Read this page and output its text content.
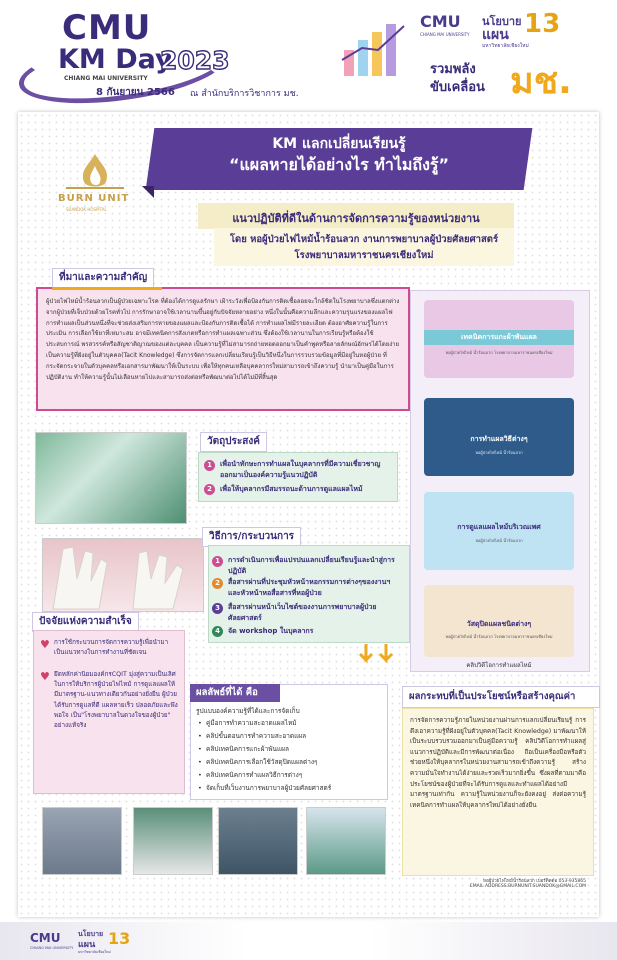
CMU
KM Day
2023
CHIANG MAI UNIVERSITY
8 กันยายน 2566 ณ สำนักบริการวิชาการ มช.
CMU
CHIANG MAI UNIVERSITY
นโยบาย
แผน 13
มหาวิทยาลัยเชียงใหม่
รวมพลัง
ขับเคลื่อน มช.
BURN UNIT
SUANDOK HOSPITAL
KM แลกเปลี่ยนเรียนรู้
“แผลหายได้อย่างไร ทำไมถึงรู้”
แนวปฏิบัติที่ดีในด้านการจัดการความรู้ของหน่วยงาน
โดย หอผู้ป่วยไฟไหม้น้ำร้อนลวก งานการพยาบาลผู้ป่วยศัลยศาสตร์
โรงพยาบาลมหาราชนครเชียงใหม่
ที่มาและความสำคัญ
ผู้ป่วยไฟไหม้น้ำร้อนลวกเป็นผู้ป่วยเฉพาะโรค ที่ต้องได้การดูแลรักษา เฝ้าระวังเพื่อป้องกันการติดเชื้อลอยจะใกล้ชิดในโรงพยาบาลซึ่งแตกต่างจากผู้ป่วยที่เจ็บป่วยด้วยโรคทั่วไป การรักษาอาจใช้เวลานานขึ้นอยู่กับปัจจัยหลายอย่าง หนึ่งในนั้นคือความลึกและความรุนแรงของแผลไฟ การทำแผลเป็นส่วนหนึ่งที่จะช่วยส่งเสริมการหายของแผลและป้องกันการติดเชื้อได้ การทำแผลไฟมีรายละเอียด ต้องอาศัยความรู้ในการประเมิน การเลือกใช้ยาที่เหมาะสม อาจมีเทคนิคการสังเกตหรือการทำแผลเฉพาะส่วน ซึ่งต้องใช้เวลานานในการเรียนรู้หรือต้องใช้ประสบการณ์ พรสวรรค์หรือสัญชาติญาณของแต่ละบุคคล เป็นความรู้ที่ไม่สามารถถ่ายทอดออกมาเป็นคำพูดหรือลายลักษณ์อักษรได้โดยง่าย เป็นความรู้ที่ฝังอยู่ในตัวบุคคล(Tacit Knowledge) ซึ่งการจัดการแลกเปลี่ยนเรียนรู้เป็นวิธีหนึ่งในการรวบรวมข้อมูลที่มีอยู่ในหอผู้ป่วย ที่กระจัดกระจายในตัวบุคคลหรือเอกสารมาพัฒนาให้เป็นระบบ เพื่อให้ทุกคนเหลือบุคคลากรใหม่สามารถเข้าถึงความรู้ นำมาเป็นคู่มือในการปฏิบัติงาน ทำให้ความรู้นั้นไม่เลือนหายไปและสามารถส่งต่อหรือพัฒนาต่อไปได้ไม่มีที่สิ้นสุด
เทคนิคการแกะผ้าพันแผล
หอผู้ป่วยไฟไหม้ น้ำร้อนลวก โรงพยาบาลมหาราชนครเชียงใหม่
การทำแผลวิธีต่างๆ
หอผู้ป่วยไฟไหม้ น้ำร้อนลวก
การดูแลแผลไหม้บริเวณเพศ
หอผู้ป่วยไฟไหม้ น้ำร้อนลวก
วัสดุปิดแผลชนิดต่างๆ
หอผู้ป่วยไฟไหม้ น้ำร้อนลวก โรงพยาบาลมหาราชนครเชียงใหม่
คลิปวิดีโอการทำแผลไหม้
วัตถุประสงค์
1	เพื่อนำทักษะการทำแผลในบุคลากรที่มีความเชี่ยวชาญออกมาเป็นองค์ความรู้แนวปฏิบัติ
2	เพื่อให้บุคลากรมีสมรรถนะด้านการดูแลแผลไหม้
วิธีการ/กระบวนการ
1	การดำเนินการเพื่อแปรปนแลกเปลี่ยนเรียนรู้และนำสู่การปฏิบัติ
2	สื่อสารผ่านที่ประชุมหัวหน้าหอกรรมการต่างๆของงานฯ และหัวหน้าหอสื่อสารที่หอผู้ป่วย
3	สื่อสารผ่านหน้าเว็บไซต์ของงานการพยาบาลผู้ป่วยศัลยศาสตร์
4	จัด workshop ในบุคลากร
ปัจจัยแห่งความสำเร็จ
♥ การใช้กระบวนการจัดการความรู้เพื่อนำมาเป็นแนวทางในการทำงานที่ชัดเจน
♥ ยึดหลักค่านิยมองค์กรCQIT มุ่งสู่ความเป็นเลิศในการให้บริการผู้ป่วยไฟไหม้ การดูแลแผลให้มีมาตรฐาน-แนวทางเดียวกันอย่างยั่งยืน ผู้ป่วยได้รับการดูแลที่ดี แผลหายเร็ว ปลอดภัยและพึงพอใจ เป็น"โรงพยาบาลในดวงใจของผู้ป่วย" อย่างแท้จริง
ผลลัพธ์ที่ได้ คือ
รูปแบบองค์ความรู้ที่ได้และการจัดเก็บ
• คู่มือการทำความสะอาดแผลไหม้
• คลิปขั้นตอนการทำความสะอาดแผล
• คลิปเทคนิคการแกะผ้าพันแผล
• คลิปเทคนิคการเลือกใช้วัสดุปิดแผลต่างๆ
• คลิปเทคนิคการทำแผลวิธีการต่างๆ
• จัดเก็บที่เว็บงานการพยาบาลผู้ป่วยศัลยศาสตร์
ผลกระทบที่เป็นประโยชน์หรือสร้างคุณค่า
การจัดการความรู้ภายในหน่วยงานผ่านการแลกเปลี่ยนเรียนรู้ การดึงเอาความรู้ที่ฝังอยู่ในตัวบุคคล(Tacit Knowledge) มาพัฒนาให้เป็นระบบรวบรวมออกมาเป็นคู่มือความรู้ คลิปวิดีโอการทำแผลสู่แนวการปฏิบัติและมีการพัฒนาต่อเนื่อง ถือเป็นเครื่องมือหรือตัวช่วยหนึ่งให้บุคลากรในหน่วยงานสามารถเข้าถึงความรู้ สร้างความมั่นใจทำงานได้ง่ายและรวดเร็วมากยิ่งขึ้น ซึ่งผลที่ตามมาคือ ประโยชน์ของผู้ป่วยที่จะได้รับการดูแลและทำแผลได้อย่างมีมาตรฐานเท่ากัน ความรู้ในหน่วยงานก็จะยังคงอยู่ ส่งต่อความรู้ เทคนิคการทำแผลให้บุคลากรใหม่ได้อย่างยั่งยืน
หอผู้ป่วยไฟไหม้น้ำร้อนลวก เบอร์ติดต่อ 053-935865
EMAIL ADDRESS:BURNUNIT.SUANDOK@GMAIL.COM
CMU
CHIANG MAI UNIVERSITY
นโยบาย
แผน 13
มหาวิทยาลัยเชียงใหม่
